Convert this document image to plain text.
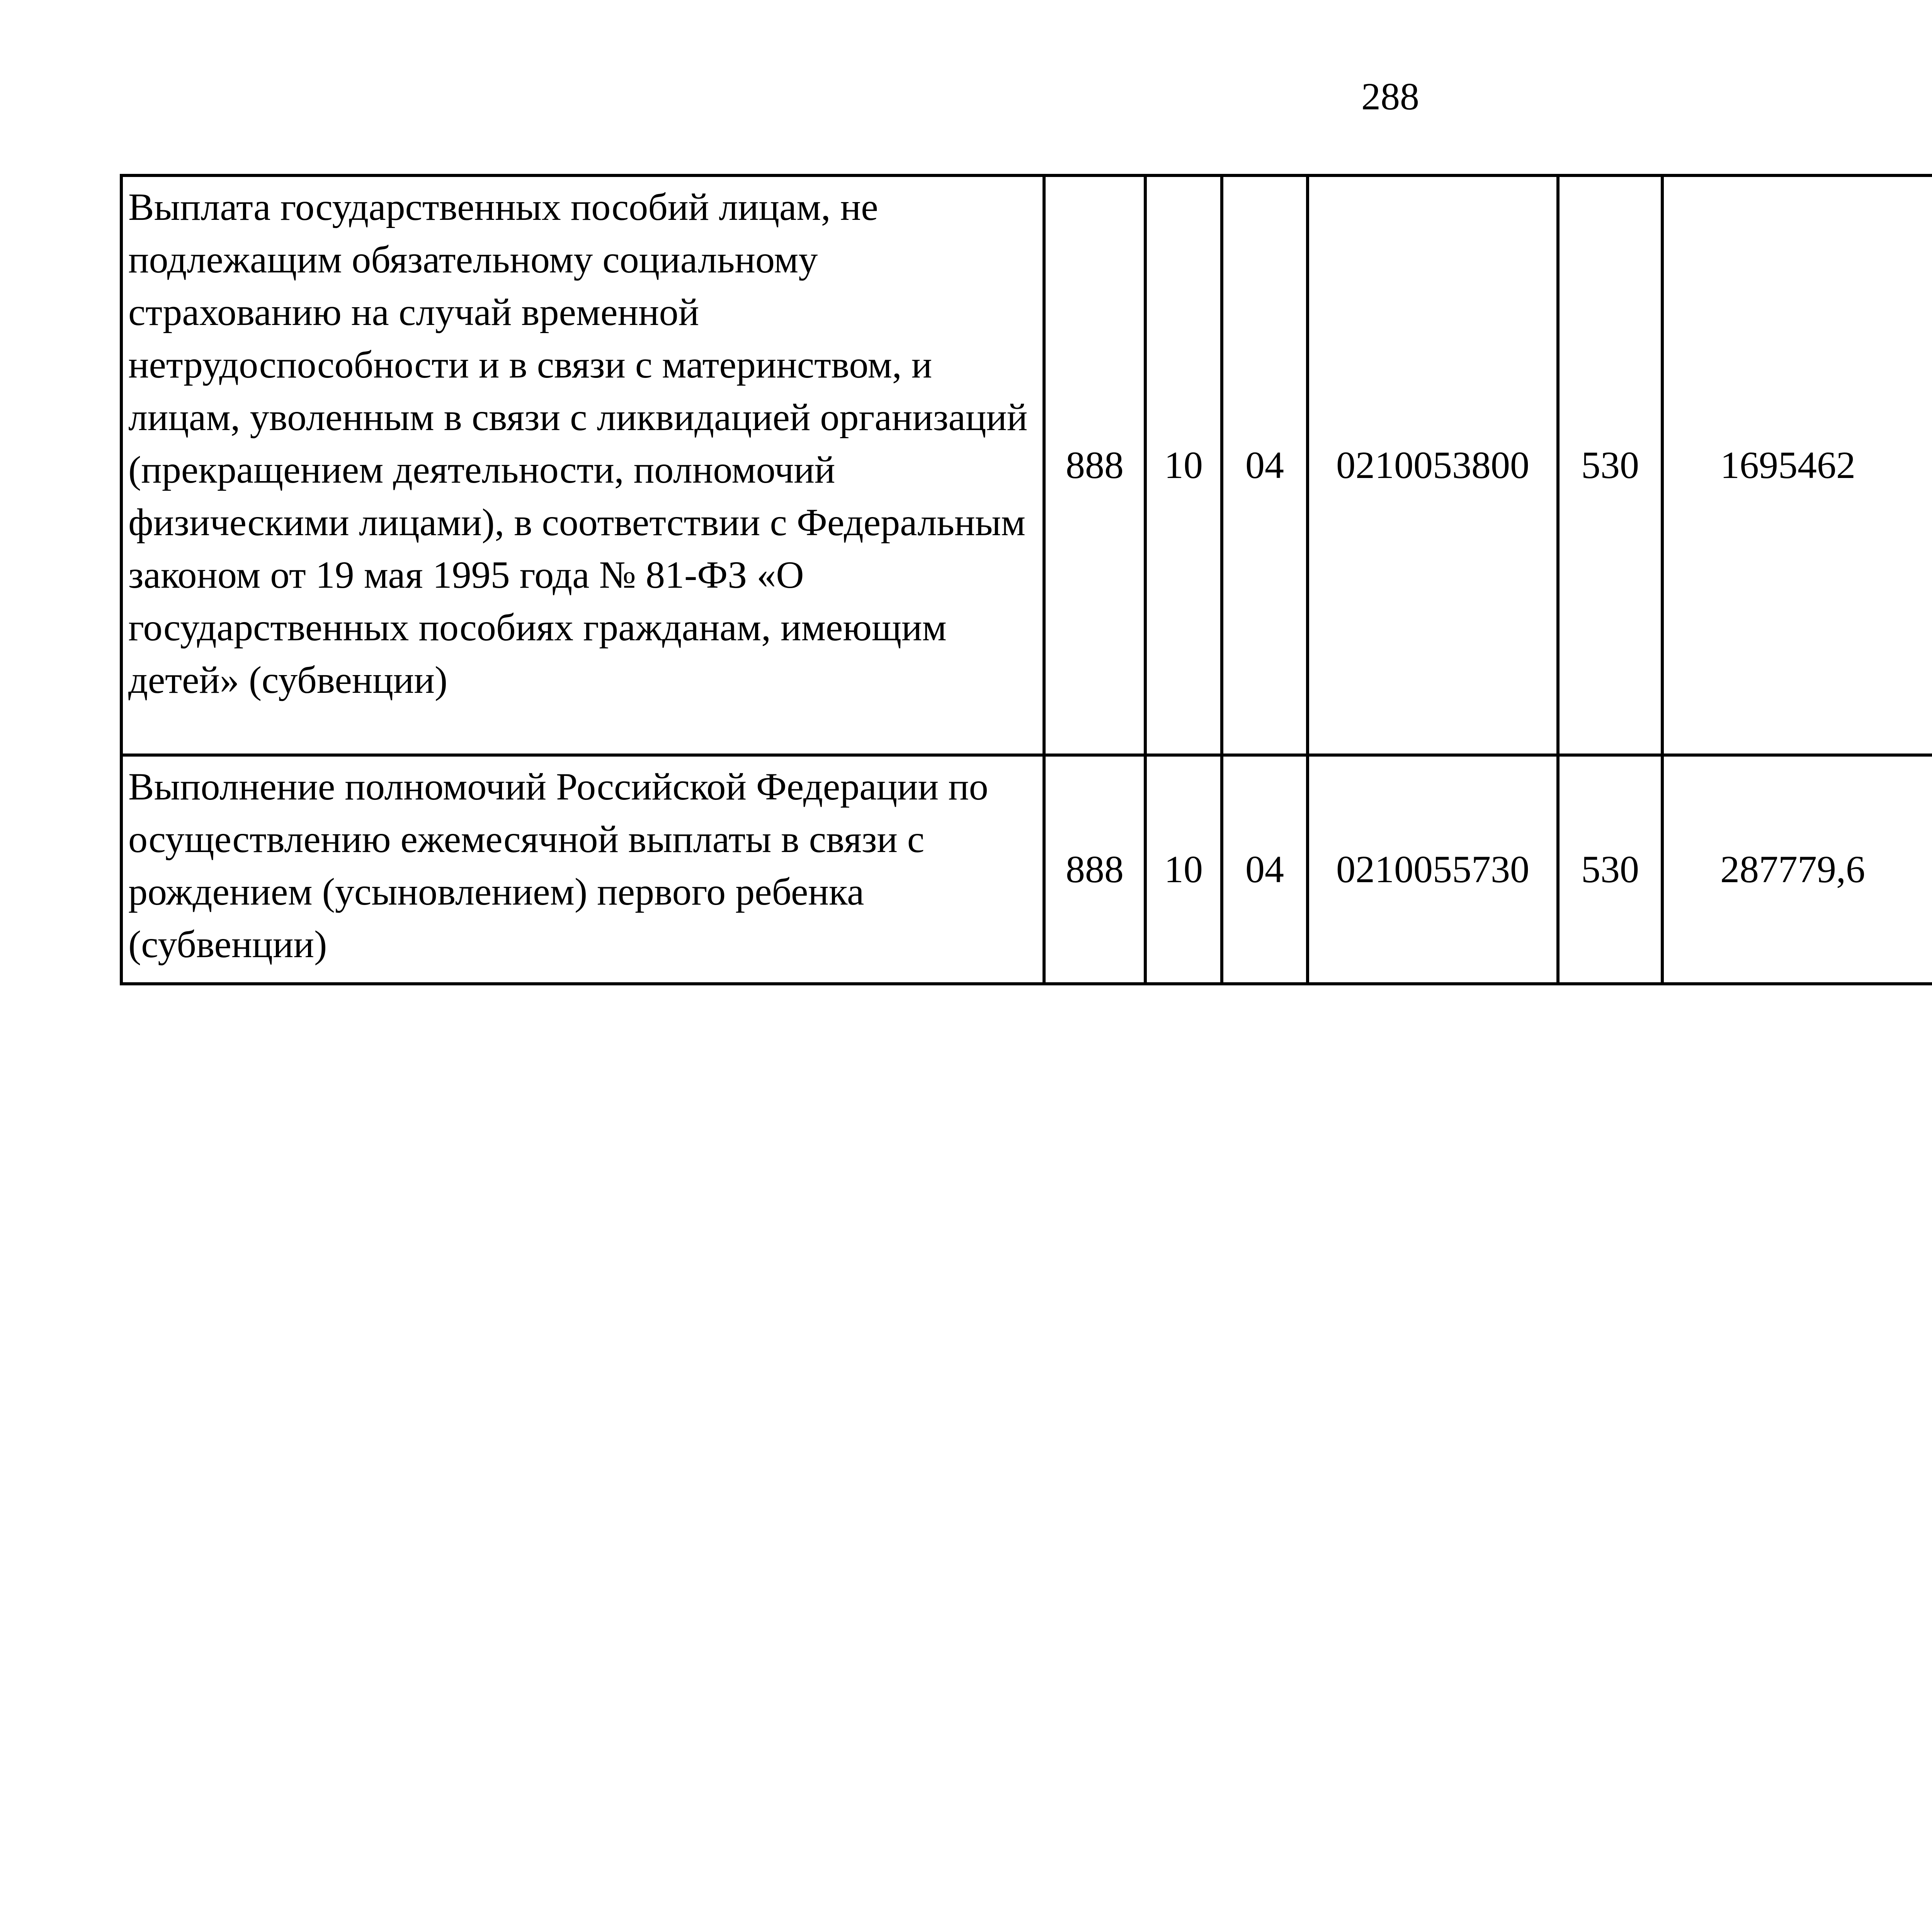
288
Выплата государственных пособий лицам, не подлежащим обязательному социальному страхованию на случай временной нетрудоспособности и в связи с материнством, и лицам, уволенным в связи с ликвидацией организаций (прекращением деятельности, полномочий физическими лицами), в соответствии с Федеральным законом от 19 мая 1995 года № 81-ФЗ «О государственных пособиях гражданам, имеющим детей» (субвенции)	888	10	04	0210053800	530	1695462		
Выполнение полномочий Российской Федерации по осуществлению ежемесячной выплаты в связи с рождением (усыновлением) первого ребенка (субвенции)	888	10	04	0210055730	530	287779,6		
